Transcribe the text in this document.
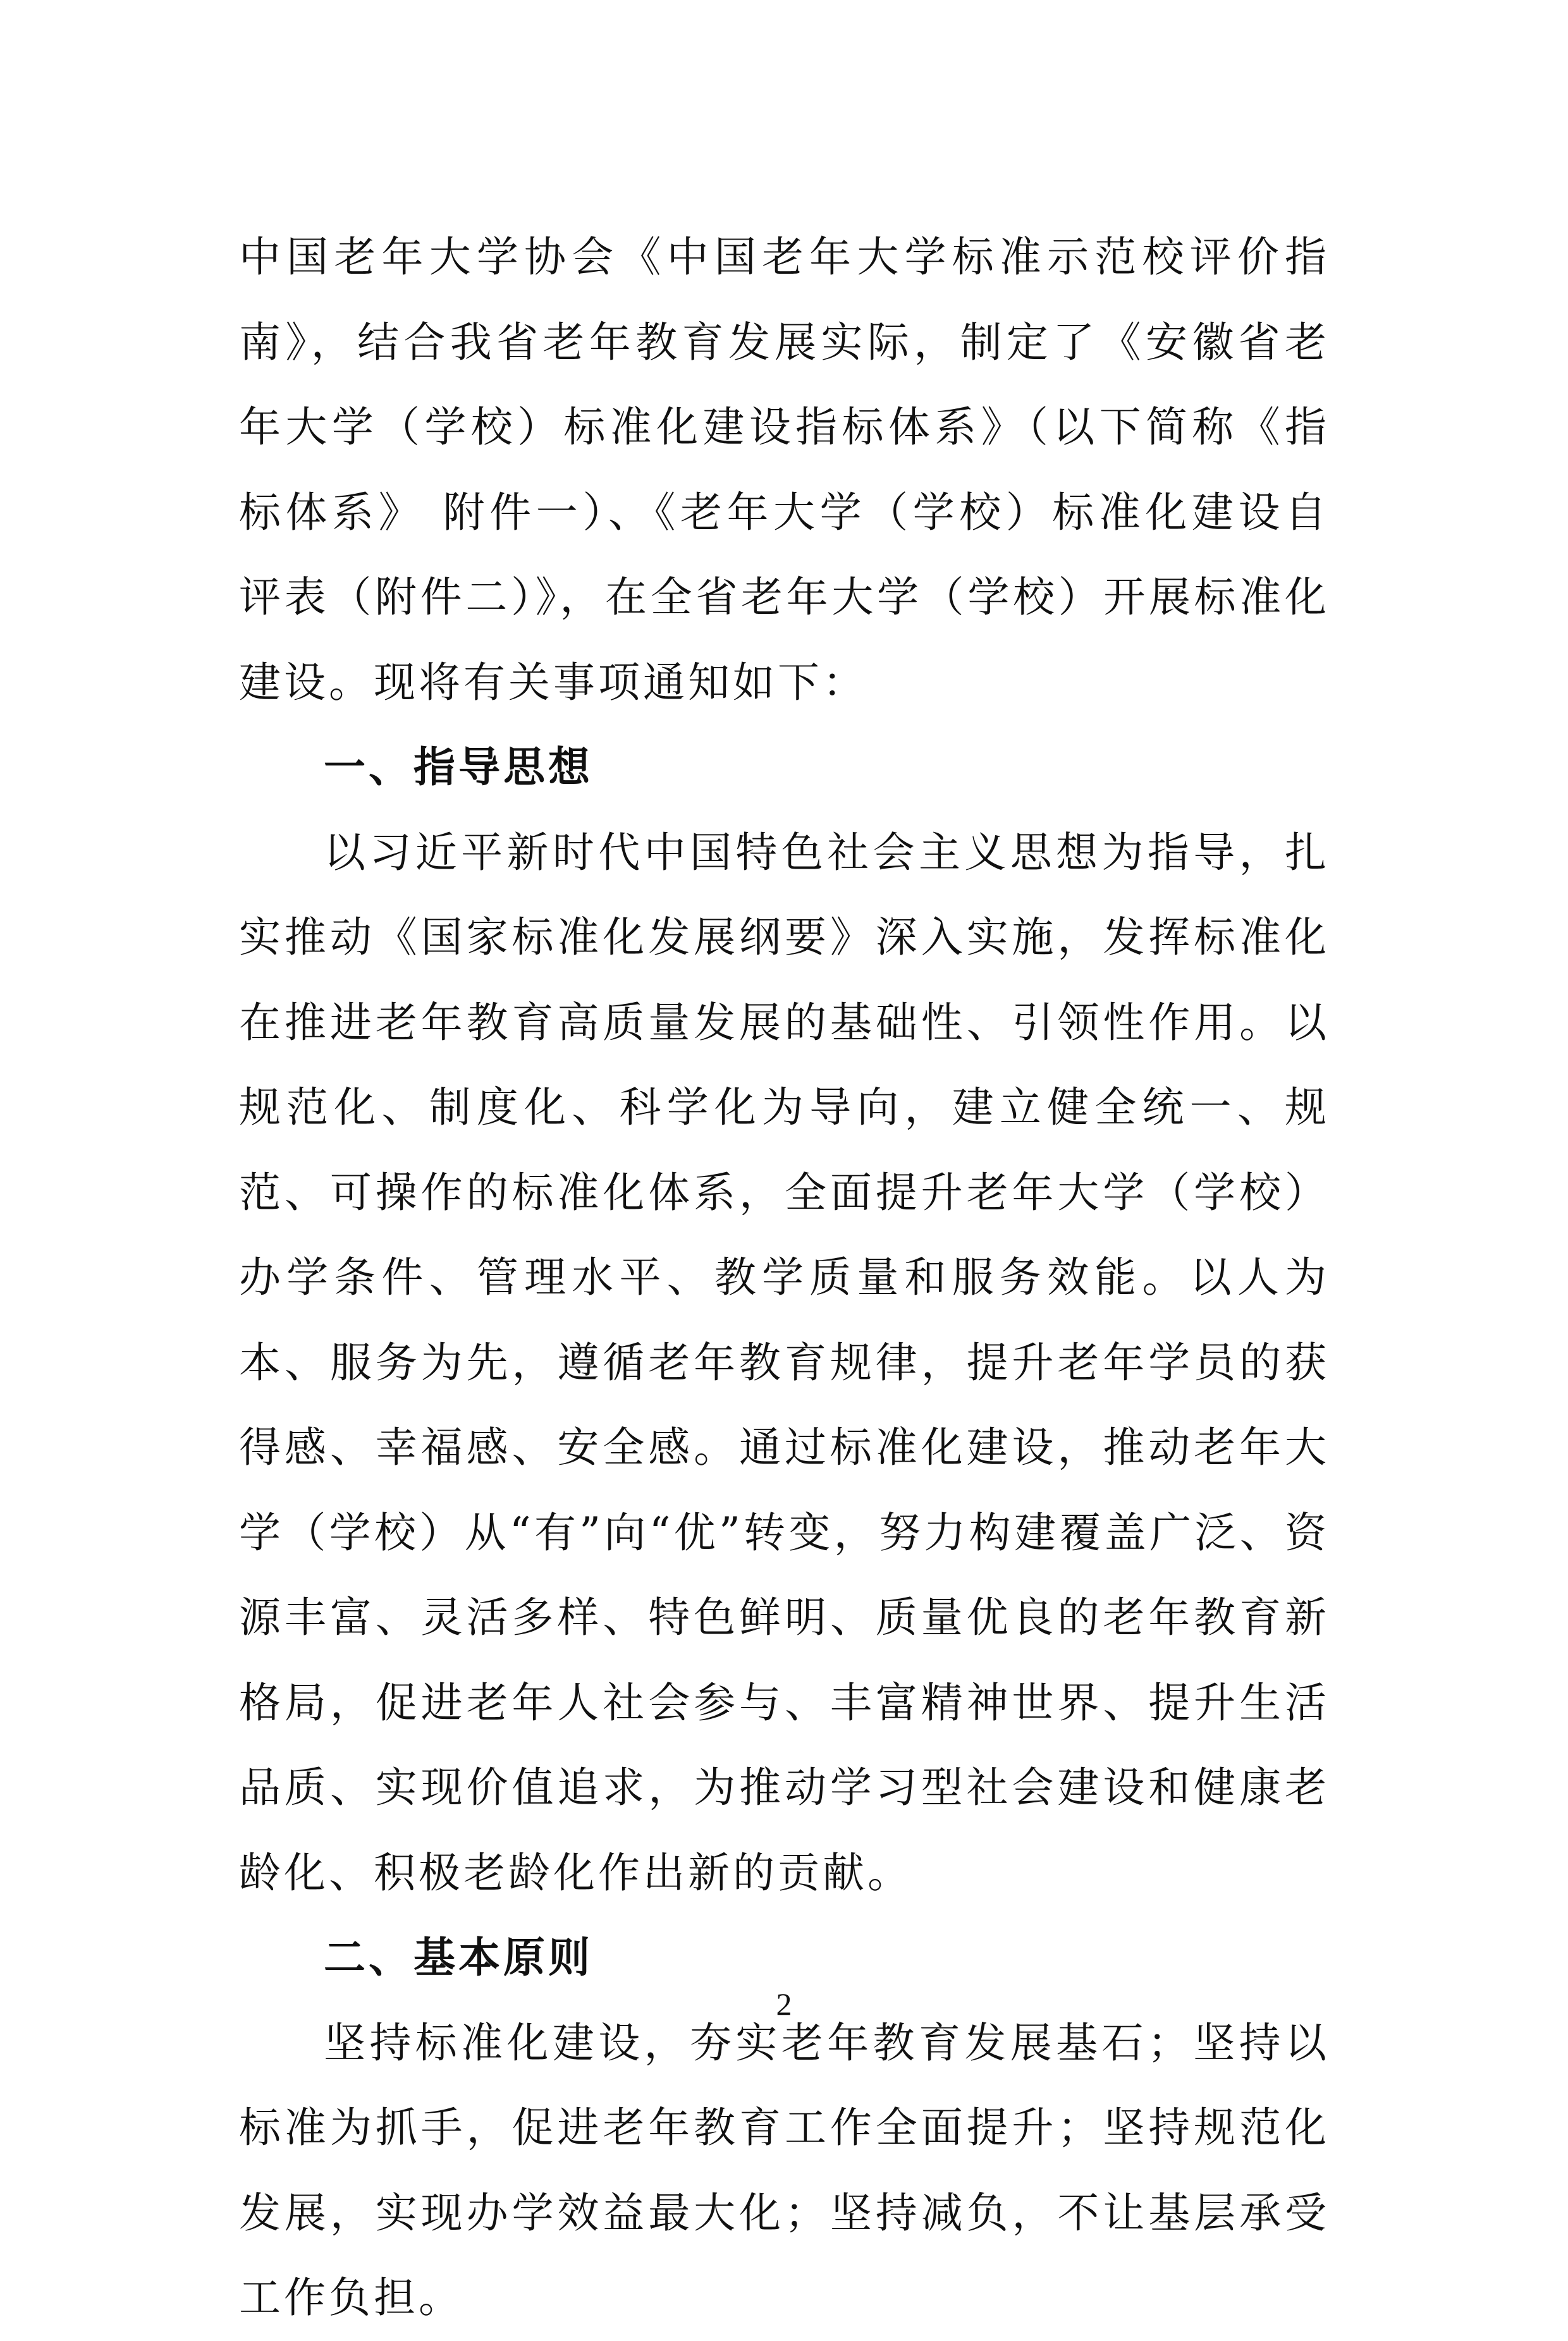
中国老年大学协会《中国老年大学标准示范校评价指南》，结合我省老年教育发展实际，制定了《安徽省老年大学（学校）标准化建设指标体系》（以下简称《指标体系》 附件一）、《老年大学（学校）标准化建设自评表（附件二）》，在全省老年大学（学校）开展标准化建设。现将有关事项通知如下：

一、指导思想

以习近平新时代中国特色社会主义思想为指导，扎实推动《国家标准化发展纲要》深入实施，发挥标准化在推进老年教育高质量发展的基础性、引领性作用。以规范化、制度化、科学化为导向，建立健全统一、规范、可操作的标准化体系，全面提升老年大学（学校）办学条件、管理水平、教学质量和服务效能。以人为本、服务为先，遵循老年教育规律，提升老年学员的获得感、幸福感、安全感。通过标准化建设，推动老年大学（学校）从“有”向“优”转变，努力构建覆盖广泛、资源丰富、灵活多样、特色鲜明、质量优良的老年教育新格局，促进老年人社会参与、丰富精神世界、提升生活品质、实现价值追求，为推动学习型社会建设和健康老龄化、积极老龄化作出新的贡献。

二、基本原则

坚持标准化建设，夯实老年教育发展基石；坚持以标准为抓手，促进老年教育工作全面提升；坚持规范化发展，实现办学效益最大化；坚持减负，不让基层承受工作负担。

2
